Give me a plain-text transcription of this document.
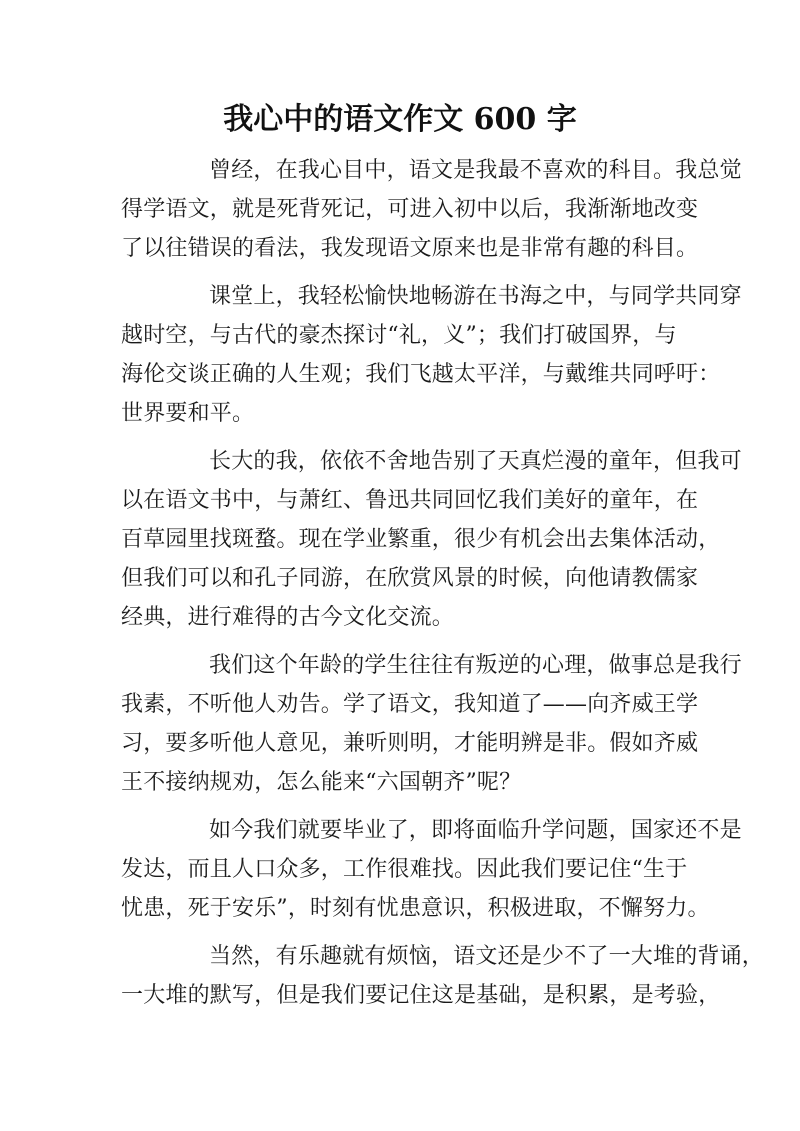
我心中的语文作文 600 字

曾经，在我心目中，语文是我最不喜欢的科目。我总觉
得学语文，就是死背死记，可进入初中以后，我渐渐地改变
了以往错误的看法，我发现语文原来也是非常有趣的科目。

课堂上，我轻松愉快地畅游在书海之中，与同学共同穿
越时空，与古代的豪杰探讨“礼，义”；我们打破国界，与
海伦交谈正确的人生观；我们飞越太平洋，与戴维共同呼吁：
世界要和平。

长大的我，依依不舍地告别了天真烂漫的童年，但我可
以在语文书中，与萧红、鲁迅共同回忆我们美好的童年，在
百草园里找斑蝥。现在学业繁重，很少有机会出去集体活动，
但我们可以和孔子同游，在欣赏风景的时候，向他请教儒家
经典，进行难得的古今文化交流。

我们这个年龄的学生往往有叛逆的心理，做事总是我行
我素，不听他人劝告。学了语文，我知道了——向齐威王学
习，要多听他人意见，兼听则明，才能明辨是非。假如齐威
王不接纳规劝，怎么能来“六国朝齐”呢？

如今我们就要毕业了，即将面临升学问题，国家还不是
发达，而且人口众多，工作很难找。因此我们要记住“生于
忧患，死于安乐”，时刻有忧患意识，积极进取，不懈努力。

当然，有乐趣就有烦恼，语文还是少不了一大堆的背诵，
一大堆的默写，但是我们要记住这是基础，是积累，是考验，
